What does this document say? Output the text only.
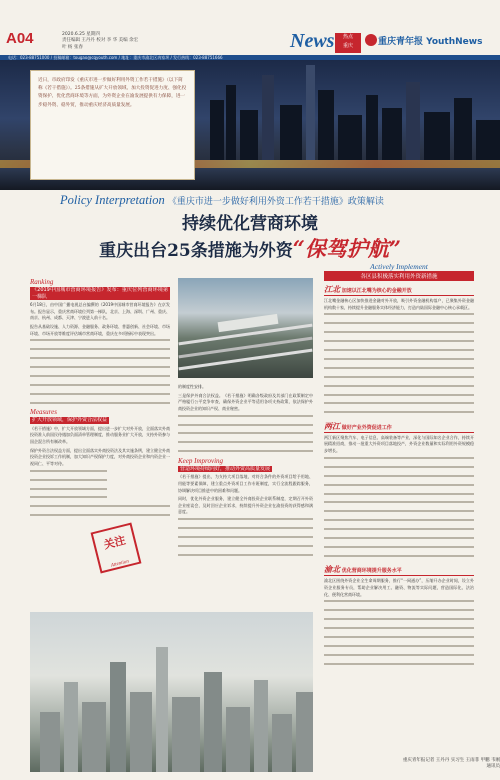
A04	2020.6.25 星期四
责任编辑 王丹丹 校对 李 华 美编 余宏 叶 杨 张春	News	热点
重庆	重庆青年报 YouthNews
电话：023-88751000 / 投稿邮箱：tougao@cqyouth.com / 地址：重庆市渝北区冉家坝 / 发行热线：023-88751666

近日，市政府印发《重庆市进一步做好利用外资工作若干措施》（以下简称《若干措施》）。25条措施从扩大开放领域、加大投资促进力度、强化投资保护、优化营商环境等方面，为外资企业在渝发展提供有力保障，进一步稳外资、稳外贸，推动重庆经济高质量发展。

Policy Interpretation 《重庆市进一步做好利用外资工作若干措施》政策解读
持续优化营商环境
重庆出台25条措施为外资“保驾护航”
Ranking
《2019中国城市营商环境报告》发布：重庆位列营商环境第一梯队

6月18日，由中国广播电视总台编撰的《2019中国城市营商环境报告》在京发布。报告显示，重庆营商环境位列第一梯队，北京、上海、深圳、广州、重庆、南京、杭州、成都、天津、宁波进入前十名。

报告从基础设施、人力资源、金融服务、政务环境、普惠创新、社会环境、市场环境、市场开放等维度评估城市营商环境，重庆在多项指标中表现突出。

Measures
扩大开放领域，保护外资合法权益

《若干措施》中，扩大开放领域方面，提出进一步扩大对外开放，全面落实外商投资准入前国民待遇加负面清单管理制度，推动服务业扩大开放，支持外资参与国企混合所有制改革。

保护外资合法权益方面，提出全面落实外商投资法及其实施条例，建立健全外商投资企业投诉工作机制，加大知识产权保护力度，对外商投资企业和内资企业一视同仁、平等对待。

关注
Attention

的制度性安排。

三是保护外商合法权益。《若干措施》明确各级政府及其部门在政策制定中严格履行公平竞争审查，确保外资企业平等适用各项支持政策，依法保护外商投资企业的知识产权、商业秘密。

Keep Improving
营造环境持续向好，推动外资高质量发展

《若干措施》提出，为支持大项目落地，对符合条件的外资项目给予用地、用能等要素保障，建立重点外资项目工作专班制度，实行全流程跟踪服务，协调解决项目推进中的困难和问题。

同时，优化外资企业服务，建立健全外商投资企业联系制度，定期召开外资企业座谈会，及时回应企业诉求，持续提升外资企业在渝投资的获得感和满意度。

Actively Implement
各区县积极落实利用外资新措施
江北 加速以江北嘴为核心的金融开放

江北嘴金融核心区加快推进金融对外开放，吸引外资金融机构落户，已聚集外资金融机构数十家，持续提升金融服务实体经济能力，打造内陆国际金融中心核心承载区。

两江 做好产业外资促进工作

两江新区聚焦汽车、电子信息、高端装备等产业，深化与国际知名企业合作，持续开展精准招商，推动一批重大外资项目落地投产，外资企业数量和实际利用外资规模稳步增长。

渝北 优化营商环境提升服务水平

渝北区围绕外资企业全生命周期服务，推行“一网通办”，压缩开办企业时间，设立外资企业服务专员，帮助企业解决用工、融资、物流等实际问题，营造国际化、法治化、便利化营商环境。

重庆青年报记者 王丹丹 实习生 王雨菲 甲鹏 韦刚 通讯员
